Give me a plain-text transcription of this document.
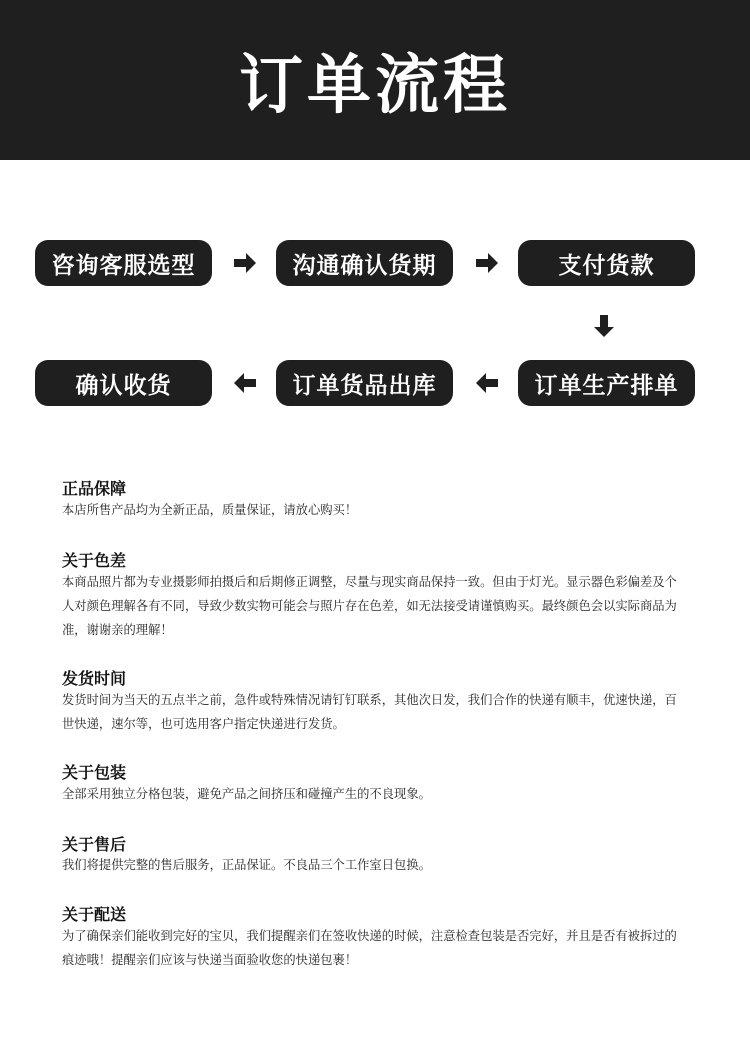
订单流程
咨询客服选型	沟通确认货期	支付货款
确认收货	订单货品出库	订单生产排单
正品保障
本店所售产品均为全新正品，质量保证，请放心购买！
关于色差
本商品照片都为专业摄影师拍摄后和后期修正调整，尽量与现实商品保持一致。但由于灯光。显示器色彩偏差及个人对颜色理解各有不同，导致少数实物可能会与照片存在色差，如无法接受请谨慎购买。最终颜色会以实际商品为准，谢谢亲的理解！
发货时间
发货时间为当天的五点半之前，急件或特殊情况请钉钉联系，其他次日发，我们合作的快递有顺丰，优速快递，百世快递，速尔等，也可选用客户指定快递进行发货。
关于包装
全部采用独立分格包装，避免产品之间挤压和碰撞产生的不良现象。
关于售后
我们将提供完整的售后服务，正品保证。不良品三个工作室日包换。
关于配送
为了确保亲们能收到完好的宝贝，我们提醒亲们在签收快递的时候，注意检查包装是否完好，并且是否有被拆过的痕迹哦！提醒亲们应该与快递当面验收您的快递包裹！
